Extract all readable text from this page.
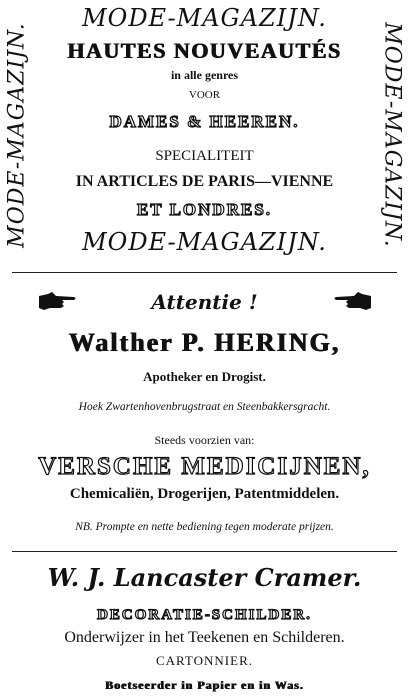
MODE-MAGAZIJN.	MODE-MAGAZIJN.
MODE-MAGAZIJN.
HAUTES NOUVEAUTÉS
in alle genres
VOOR
DAMES & HEEREN.
SPECIALITEIT
IN ARTICLES DE PARIS—VIENNE
ET LONDRES.
MODE-MAGAZIJN.
Attentie !
Walther P. HERING,
Apotheker en Drogist.
Hoek Zwartenhovenbrugstraat en Steenbakkersgracht.
Steeds voorzien van:
VERSCHE MEDICIJNEN,
Chemicaliën, Drogerijen, Patentmiddelen.
NB. Prompte en nette bediening tegen moderate prijzen.
W. J. Lancaster Cramer.
DECORATIE-SCHILDER.
Onderwijzer in het Teekenen en Schilderen.
CARTONNIER.
Boetseerder in Papier en in Was.
